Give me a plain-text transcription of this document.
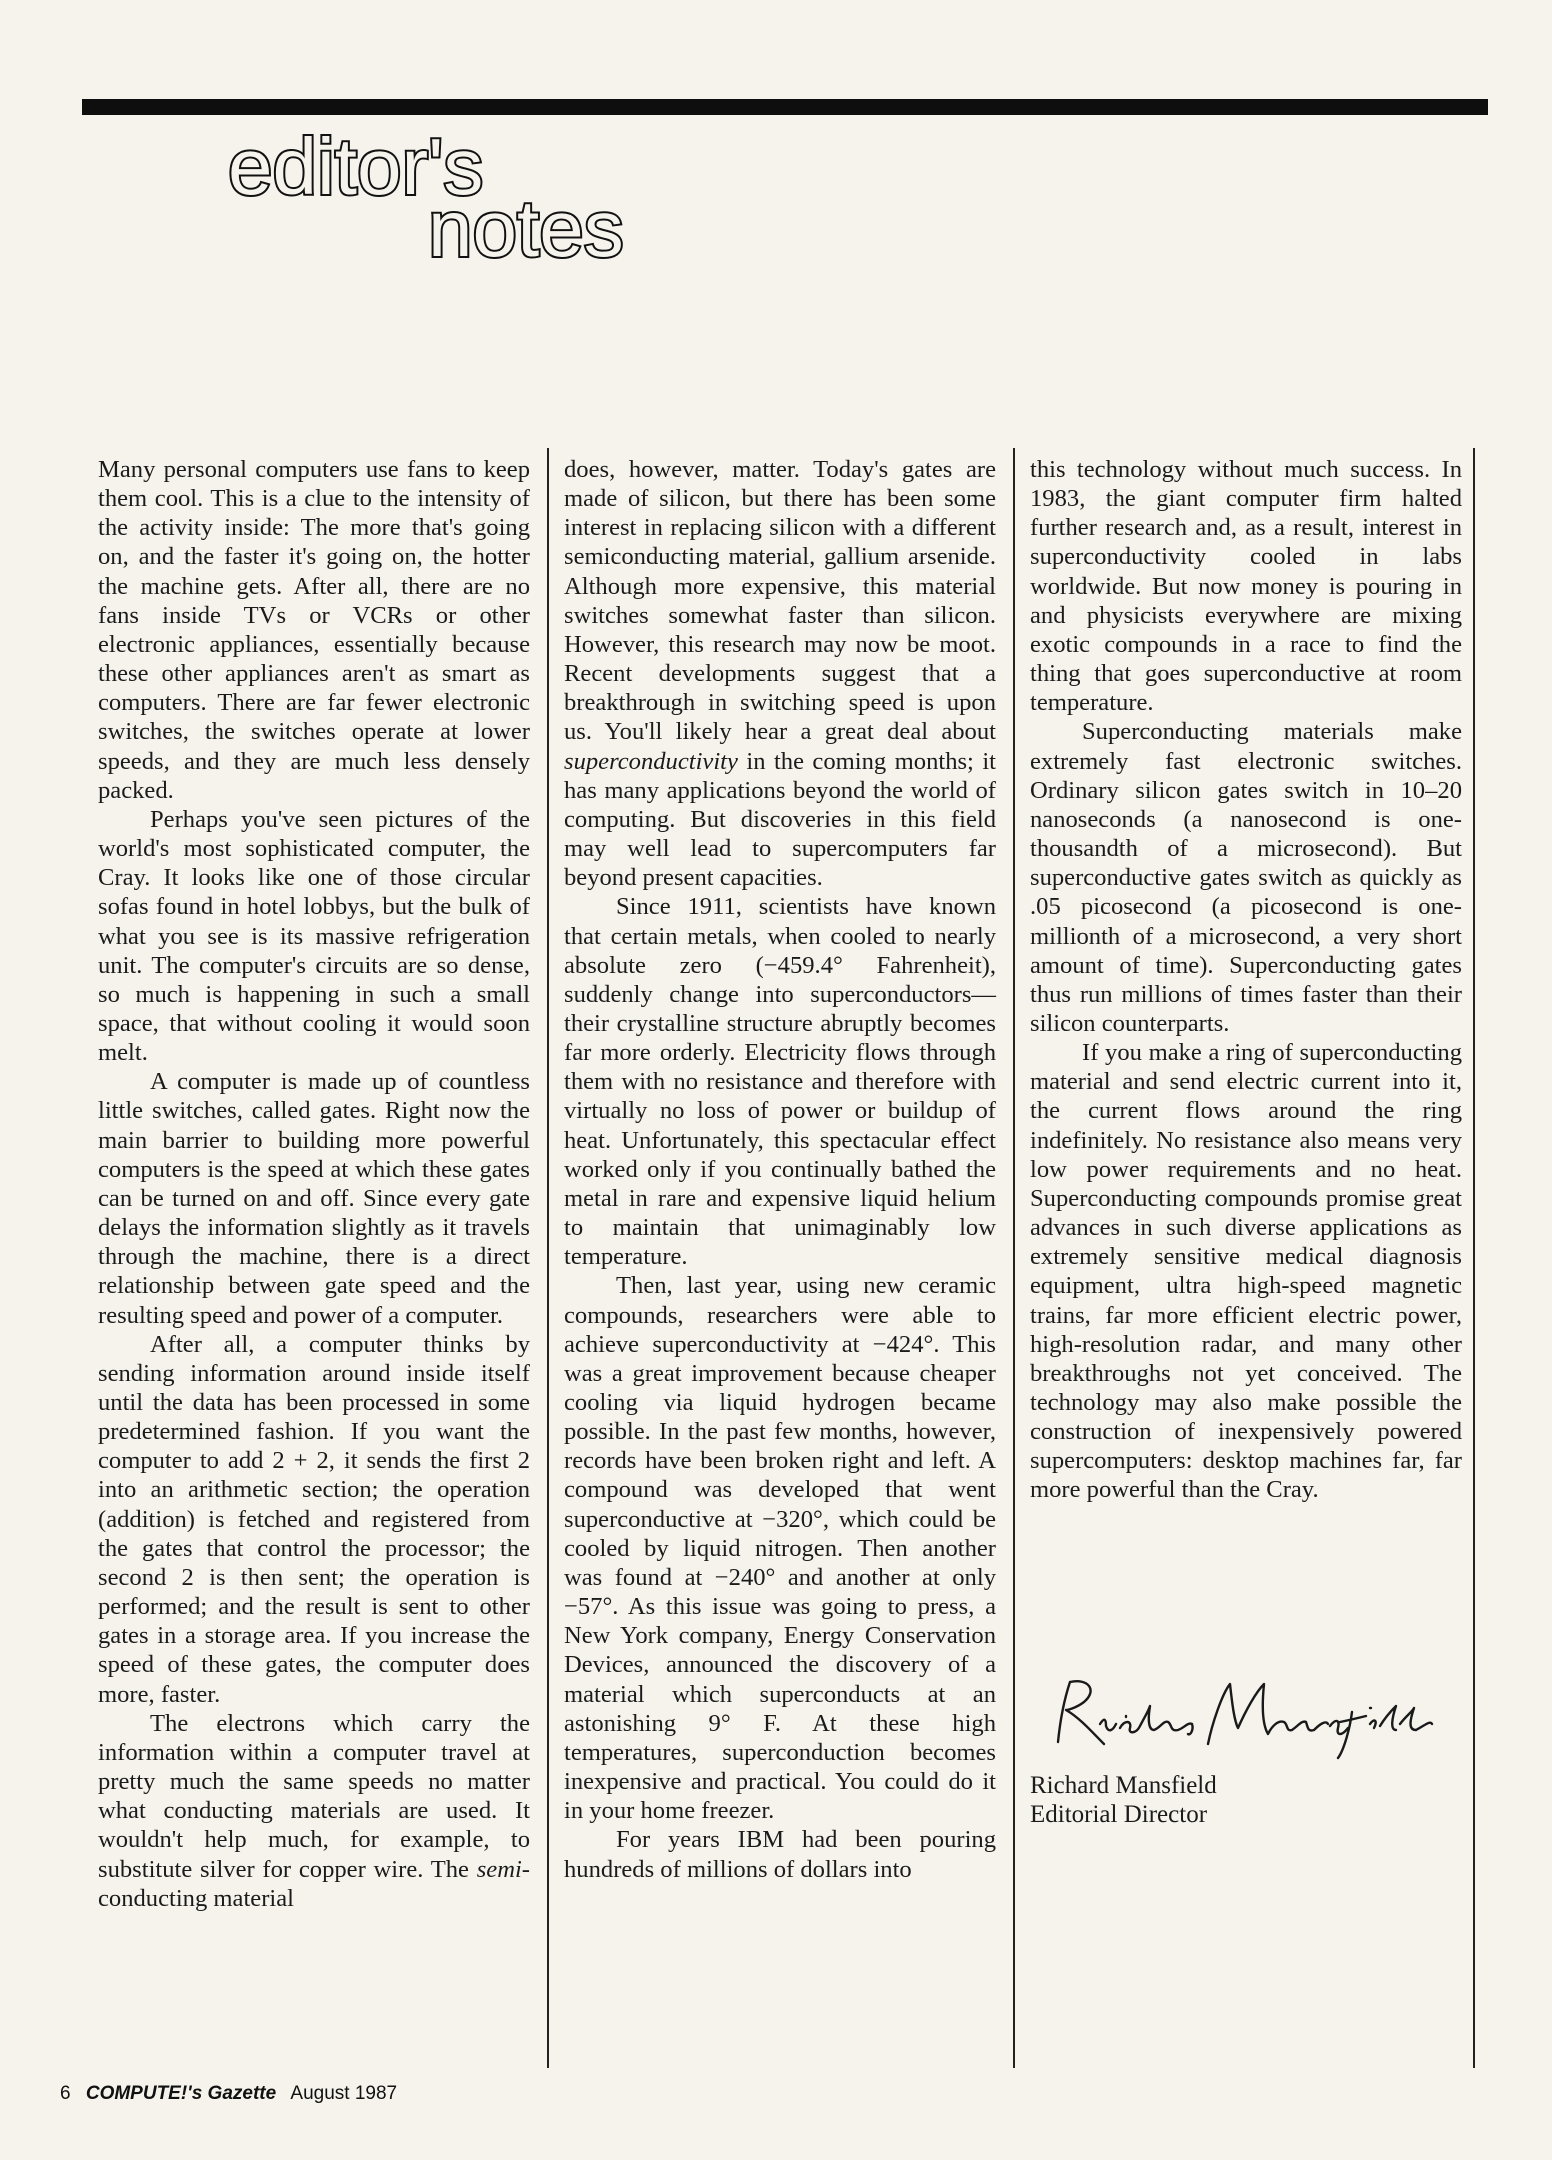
editor's
notes

Many personal computers use fans to keep them cool. This is a clue to the intensity of the activity inside: The more that's going on, and the faster it's going on, the hotter the machine gets. After all, there are no fans inside TVs or VCRs or other electronic appliances, essentially because these other appliances aren't as smart as computers. There are far fewer electronic switches, the switches operate at lower speeds, and they are much less densely packed.

Perhaps you've seen pictures of the world's most sophisticated computer, the Cray. It looks like one of those circular sofas found in hotel lobbys, but the bulk of what you see is its massive refrigeration unit. The computer's circuits are so dense, so much is happening in such a small space, that without cooling it would soon melt.

A computer is made up of countless little switches, called gates. Right now the main barrier to building more powerful computers is the speed at which these gates can be turned on and off. Since every gate delays the information slightly as it travels through the machine, there is a direct relationship between gate speed and the resulting speed and power of a computer.

After all, a computer thinks by sending information around inside itself until the data has been processed in some predetermined fashion. If you want the computer to add 2 + 2, it sends the first 2 into an arithmetic section; the operation (addition) is fetched and registered from the gates that control the processor; the second 2 is then sent; the operation is performed; and the result is sent to other gates in a storage area. If you increase the speed of these gates, the computer does more, faster.

The electrons which carry the information within a computer travel at pretty much the same speeds no matter what conducting materials are used. It wouldn't help much, for example, to substitute silver for copper wire. The semi-conducting material

does, however, matter. Today's gates are made of silicon, but there has been some interest in replacing silicon with a different semiconducting material, gallium arsenide. Although more expensive, this material switches somewhat faster than silicon. However, this research may now be moot. Recent developments suggest that a breakthrough in switching speed is upon us. You'll likely hear a great deal about superconductivity in the coming months; it has many applications beyond the world of computing. But discoveries in this field may well lead to supercomputers far beyond present capacities.

Since 1911, scientists have known that certain metals, when cooled to nearly absolute zero (−459.4° Fahrenheit), suddenly change into superconductors—their crystalline structure abruptly becomes far more orderly. Electricity flows through them with no resistance and therefore with virtually no loss of power or buildup of heat. Unfortunately, this spectacular effect worked only if you continually bathed the metal in rare and expensive liquid helium to maintain that unimaginably low temperature.

Then, last year, using new ceramic compounds, researchers were able to achieve superconductivity at −424°. This was a great improvement because cheaper cooling via liquid hydrogen became possible. In the past few months, however, records have been broken right and left. A compound was developed that went superconductive at −320°, which could be cooled by liquid nitrogen. Then another was found at −240° and another at only −57°. As this issue was going to press, a New York company, Energy Conservation Devices, announced the discovery of a material which superconducts at an astonishing 9° F. At these high temperatures, superconduction becomes inexpensive and practical. You could do it in your home freezer.

For years IBM had been pouring hundreds of millions of dollars into

this technology without much success. In 1983, the giant computer firm halted further research and, as a result, interest in superconductivity cooled in labs worldwide. But now money is pouring in and physicists everywhere are mixing exotic compounds in a race to find the thing that goes superconductive at room temperature.

Superconducting materials make extremely fast electronic switches. Ordinary silicon gates switch in 10–20 nanoseconds (a nanosecond is one-thousandth of a microsecond). But superconductive gates switch as quickly as .05 picosecond (a picosecond is one-millionth of a microsecond, a very short amount of time). Superconducting gates thus run millions of times faster than their silicon counterparts.

If you make a ring of superconducting material and send electric current into it, the current flows around the ring indefinitely. No resistance also means very low power requirements and no heat. Superconducting compounds promise great advances in such diverse applications as extremely sensitive medical diagnosis equipment, ultra high-speed magnetic trains, far more efficient electric power, high-resolution radar, and many other breakthroughs not yet conceived. The technology may also make possible the construction of inexpensively powered supercomputers: desktop machines far, far more powerful than the Cray.

Richard Mansfield
Editorial Director
6 COMPUTE!'s Gazette August 1987
